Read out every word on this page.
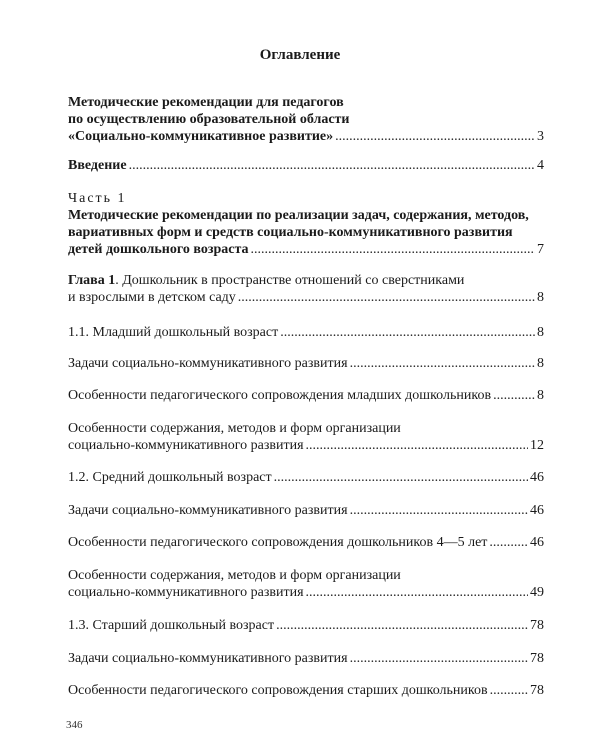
Оглавление
Методические рекомендации для педагогов
по осуществлению образовательной области
«Социально-коммуникативное развитие» .....	3
Введение .....	4
Часть 1
Методические рекомендации по реализации задач, содержания, методов,
вариативных форм и средств социально-коммуникативного развития
детей дошкольного возраста .....	7
Глава 1. Дошкольник в пространстве отношений со сверстниками
и взрослыми в детском саду .....	8
1.1. Младший дошкольный возраст .....	8
Задачи социально-коммуникативного развития .....	8
Особенности педагогического сопровождения младших дошкольников .....	8
Особенности содержания, методов и форм организации
социально-коммуникативного развития .....	12
1.2. Средний дошкольный возраст .....	46
Задачи социально-коммуникативного развития .....	46
Особенности педагогического сопровождения дошкольников 4—5 лет .....	46
Особенности содержания, методов и форм организации
социально-коммуникативного развития .....	49
1.3. Старший дошкольный возраст .....	78
Задачи социально-коммуникативного развития .....	78
Особенности педагогического сопровождения старших дошкольников .....	78
346
